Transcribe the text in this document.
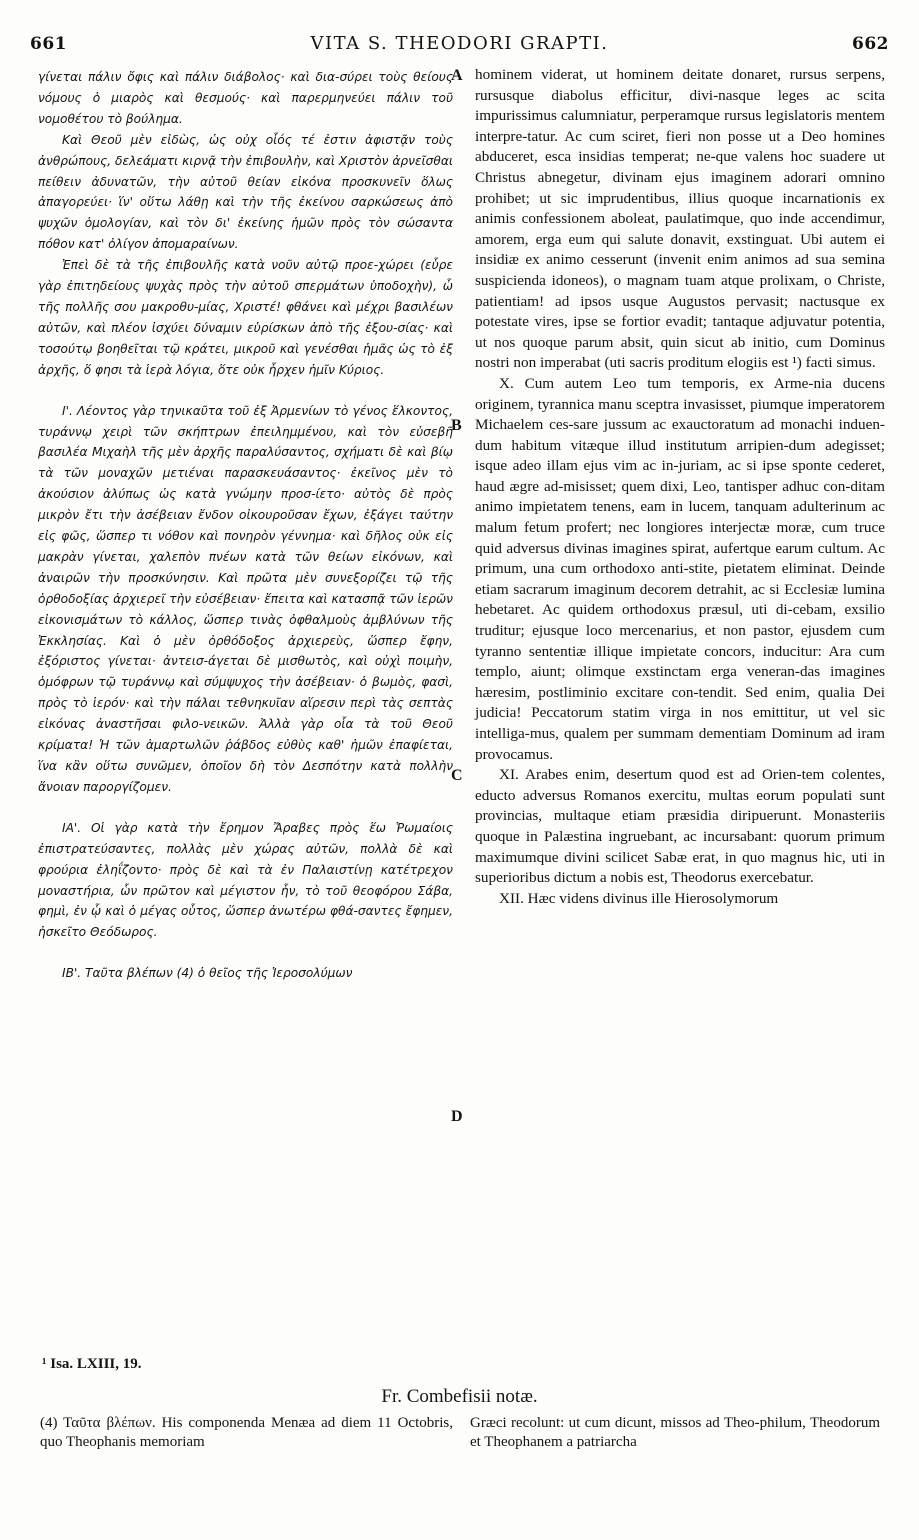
661	VITA S. THEODORI GRAPTI.	662

γίνεται πάλιν ὄφις καὶ πάλιν διάβολος· καὶ δια-σύρει τοὺς θείους νόμους ὁ μιαρὸς καὶ θεσμούς· καὶ παρερμηνεύει πάλιν τοῦ νομοθέτου τὸ βούλημα.

Καὶ Θεοῦ μὲν εἰδὼς, ὡς οὐχ οἷός τέ ἐστιν ἀφιστᾷν τοὺς ἀνθρώπους, δελεάματι κιρνᾷ τὴν ἐπιβουλὴν, καὶ Χριστὸν ἀρνεῖσθαι πείθειν ἀδυνατῶν, τὴν αὐτοῦ θείαν εἰκόνα προσκυνεῖν ὅλως ἀπαγορεύει· ἵν' οὕτω λάθῃ καὶ τὴν τῆς ἐκείνου σαρκώσεως ἀπὸ ψυχῶν ὁμολογίαν, καὶ τὸν δι' ἐκείνης ἡμῶν πρὸς τὸν σώσαντα πόθον κατ' ὀλίγον ἀπομαραίνων.

Ἐπεὶ δὲ τὰ τῆς ἐπιβουλῆς κατὰ νοῦν αὐτῷ προε-χώρει (εὗρε γὰρ ἐπιτηδείους ψυχὰς πρὸς τὴν αὐτοῦ σπερμάτων ὑποδοχὴν), ὦ τῆς πολλῆς σου μακροθυ-μίας, Χριστέ! φθάνει καὶ μέχρι βασιλέων αὐτῶν, καὶ πλέον ἰσχύει δύναμιν εὑρίσκων ἀπὸ τῆς ἐξου-σίας· καὶ τοσούτῳ βοηθεῖται τῷ κράτει, μικροῦ καὶ γενέσθαι ἡμᾶς ὡς τὸ ἐξ ἀρχῆς, ὅ φησι τὰ ἱερὰ λόγια, ὅτε οὐκ ἦρχεν ἡμῖν Κύριος.

Ι'. Λέοντος γὰρ τηνικαῦτα τοῦ ἐξ Ἀρμενίων τὸ γένος ἕλκοντος, τυράννῳ χειρὶ τῶν σκήπτρων ἐπειλημμένου, καὶ τὸν εὐσεβῆ βασιλέα Μιχαὴλ τῆς μὲν ἀρχῆς παραλύσαντος, σχήματι δὲ καὶ βίῳ τὰ τῶν μοναχῶν μετιέναι παρασκευάσαντος· ἐκεῖνος μὲν τὸ ἀκούσιον ἀλύπως ὡς κατὰ γνώμην προσ-ίετο· αὐτὸς δὲ πρὸς μικρὸν ἔτι τὴν ἀσέβειαν ἔνδον οἰκουροῦσαν ἔχων, ἐξάγει ταύτην εἰς φῶς, ὥσπερ τι νόθον καὶ πονηρὸν γέννημα· καὶ δῆλος οὐκ εἰς μακρὰν γίνεται, χαλεπὸν πνέων κατὰ τῶν θείων εἰκόνων, καὶ ἀναιρῶν τὴν προσκύνησιν. Καὶ πρῶτα μὲν συνεξορίζει τῷ τῆς ὀρθοδοξίας ἀρχιερεῖ τὴν εὐσέβειαν· ἔπειτα καὶ κατασπᾷ τῶν ἱερῶν εἰκονισμάτων τὸ κάλλος, ὥσπερ τινὰς ὀφθαλμοὺς ἀμβλύνων τῆς Ἐκκλησίας. Καὶ ὁ μὲν ὀρθόδοξος ἀρχιερεὺς, ὥσπερ ἔφην, ἐξόριστος γίνεται· ἀντεισ-άγεται δὲ μισθωτὸς, καὶ οὐχὶ ποιμὴν, ὁμόφρων τῷ τυράννῳ καὶ σύμψυχος τὴν ἀσέβειαν· ὁ βωμὸς, φασὶ, πρὸς τὸ ἱερόν· καὶ τὴν πάλαι τεθνηκυῖαν αἵρεσιν περὶ τὰς σεπτὰς εἰκόνας ἀναστῆσαι φιλο-νεικῶν. Ἀλλὰ γὰρ οἷα τὰ τοῦ Θεοῦ κρίματα! Ἡ τῶν ἁμαρτωλῶν ῥάβδος εὐθὺς καθ' ἡμῶν ἐπαφίεται, ἵνα κἂν οὕτω συνῶμεν, ὁποῖον δὴ τὸν Δεσπότην κατὰ πολλὴν ἄνοιαν παροργίζομεν.

ΙΑ'. Οἱ γὰρ κατὰ τὴν ἔρημον Ἄραβες πρὸς ἕω Ῥωμαίοις ἐπιστρατεύσαντες, πολλὰς μὲν χώρας αὐτῶν, πολλὰ δὲ καὶ φρούρια ἐληΐζοντο· πρὸς δὲ καὶ τὰ ἐν Παλαιστίνῃ κατέτρεχον μοναστήρια, ὧν πρῶτον καὶ μέγιστον ἦν, τὸ τοῦ θεοφόρου Σάβα, φημὶ, ἐν ᾧ καὶ ὁ μέγας οὗτος, ὥσπερ ἀνωτέρω φθά-σαντες ἔφημεν, ἠσκεῖτο Θεόδωρος.

ΙΒ'. Ταῦτα βλέπων (4) ὁ θεῖος τῆς Ἱεροσολύμων

A
B
C
D

hominem viderat, ut hominem deitate donaret, rursus serpens, rursusque diabolus efficitur, divi-nasque leges ac scita impurissimus calumniatur, perperamque rursus legislatoris mentem interpre-tatur. Ac cum sciret, fieri non posse ut a Deo homines abduceret, esca insidias temperat; ne-que valens hoc suadere ut Christus abnegetur, divinam ejus imaginem adorari omnino prohibet; ut sic imprudentibus, illius quoque incarnationis ex animis confessionem aboleat, paulatimque, quo inde accendimur, amorem, erga eum qui salute donavit, exstinguat. Ubi autem ei insidiæ ex animo cesserunt (invenit enim animos ad sua semina suspicienda idoneos), o magnam tuam atque prolixam, o Christe, patientiam! ad ipsos usque Augustos pervasit; nactusque ex potestate vires, ipse se fortior evadit; tantaque adjuvatur potentia, ut nos quoque parum absit, quin sicut ab initio, cum Dominus nostri non imperabat (uti sacris proditum elogiis est ¹) facti simus.

X. Cum autem Leo tum temporis, ex Arme-nia ducens originem, tyrannica manu sceptra invasisset, piumque imperatorem Michaelem ces-sare jussum ac exauctoratum ad monachi induen-dum habitum vitæque illud institutum arripien-dum adegisset; isque adeo illam ejus vim ac in-juriam, ac si ipse sponte cederet, haud ægre ad-misisset; quem dixi, Leo, tantisper adhuc con-ditam animo impietatem tenens, eam in lucem, tanquam adulterinum ac malum fetum profert; nec longiores interjectæ moræ, cum truce quid adversus divinas imagines spirat, aufertque earum cultum. Ac primum, una cum orthodoxo anti-stite, pietatem eliminat. Deinde etiam sacrarum imaginum decorem detrahit, ac si Ecclesiæ lumina hebetaret. Ac quidem orthodoxus præsul, uti di-cebam, exsilio truditur; ejusque loco mercenarius, et non pastor, ejusdem cum tyranno sententiæ illique impietate concors, inducitur: Ara cum templo, aiunt; olimque exstinctam erga veneran-das imagines hæresim, postliminio excitare con-tendit. Sed enim, qualia Dei judicia! Peccatorum statim virga in nos emittitur, ut vel sic intelliga-mus, qualem per summam dementiam Dominum ad iram provocamus.

XI. Arabes enim, desertum quod est ad Orien-tem colentes, educto adversus Romanos exercitu, multas eorum populati sunt provincias, multaque etiam præsidia diripuerunt. Monasteriis quoque in Palæstina ingruebant, ac incursabant: quorum primum maximumque divini scilicet Sabæ erat, in quo magnus hic, uti in superioribus dictum a nobis est, Theodorus exercebatur.

XII. Hæc videns divinus ille Hierosolymorum

¹ Isa. LXIII, 19.
Fr. Combefisii notæ.

(4) Ταῦτα βλέπων. His componenda Menæa ad diem 11 Octobris, quo Theophanis memoriam

Græci recolunt: ut cum dicunt, missos ad Theo-philum, Theodorum et Theophanem a patriarcha
